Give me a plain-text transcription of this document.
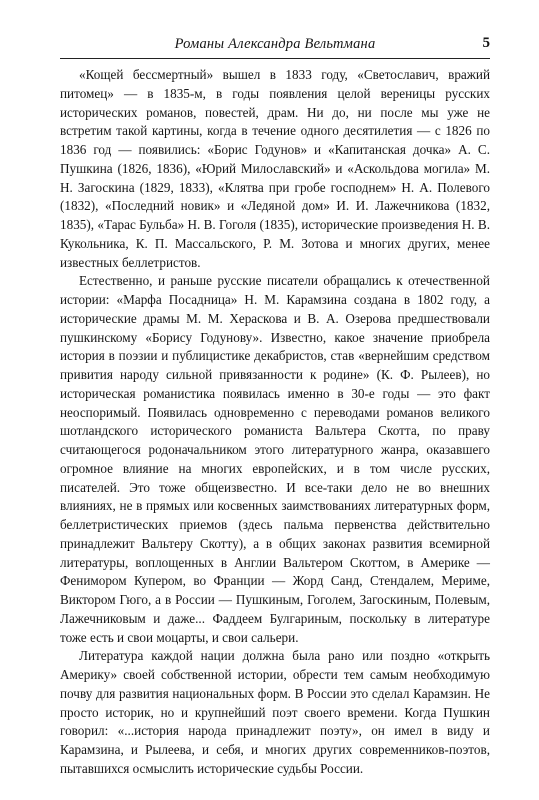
Романы Александра Вельтмана	5

«Кощей бессмертный» вышел в 1833 году, «Светославич, вражий питомец» — в 1835-м, в годы появления целой вереницы русских исторических романов, повестей, драм. Ни до, ни после мы уже не встретим такой картины, когда в течение одного десятилетия — с 1826 по 1836 год — появились: «Борис Годунов» и «Капитанская дочка» А. С. Пушкина (1826, 1836), «Юрий Милославский» и «Аскольдова могила» М. Н. Загоскина (1829, 1833), «Клятва при гробе господнем» Н. А. Полевого (1832), «Последний новик» и «Ледяной дом» И. И. Лажечникова (1832, 1835), «Тарас Бульба» Н. В. Гоголя (1835), исторические произведения Н. В. Кукольника, К. П. Массальского, Р. М. Зотова и многих других, менее известных беллетристов.

Естественно, и раньше русские писатели обращались к отечественной истории: «Марфа Посадница» Н. М. Карамзина создана в 1802 году, а исторические драмы М. М. Хераскова и В. А. Озерова предшествовали пушкинскому «Борису Годунову». Известно, какое значение приобрела история в поэзии и публицистике декабристов, став «вернейшим средством привития народу сильной привязанности к родине» (К. Ф. Рылеев), но историческая романистика появилась именно в 30-е годы — это факт неоспоримый. Появилась одновременно с переводами романов великого шотландского исторического романиста Вальтера Скотта, по праву считающегося родоначальником этого литературного жанра, оказавшего огромное влияние на многих европейских, и в том числе русских, писателей. Это тоже общеизвестно. И все-таки дело не во внешних влияниях, не в прямых или косвенных заимствованиях литературных форм, беллетристических приемов (здесь пальма первенства действительно принадлежит Вальтеру Скотту), а в общих законах развития всемирной литературы, воплощенных в Англии Вальтером Скоттом, в Америке — Фенимором Купером, во Франции — Жорд Санд, Стендалем, Мериме, Виктором Гюго, а в России — Пушкиным, Гоголем, Загоскиным, Полевым, Лажечниковым и даже... Фаддеем Булгариным, поскольку в литературе тоже есть и свои моцарты, и свои сальери.

Литература каждой нации должна была рано или поздно «открыть Америку» своей собственной истории, обрести тем самым необходимую почву для развития национальных форм. В России это сделал Карамзин. Не просто историк, но и крупнейший поэт своего времени. Когда Пушкин говорил: «...история народа принадлежит поэту», он имел в виду и Карамзина, и Рылеева, и себя, и многих других современников-поэтов, пытавшихся осмыслить исторические судьбы России.
